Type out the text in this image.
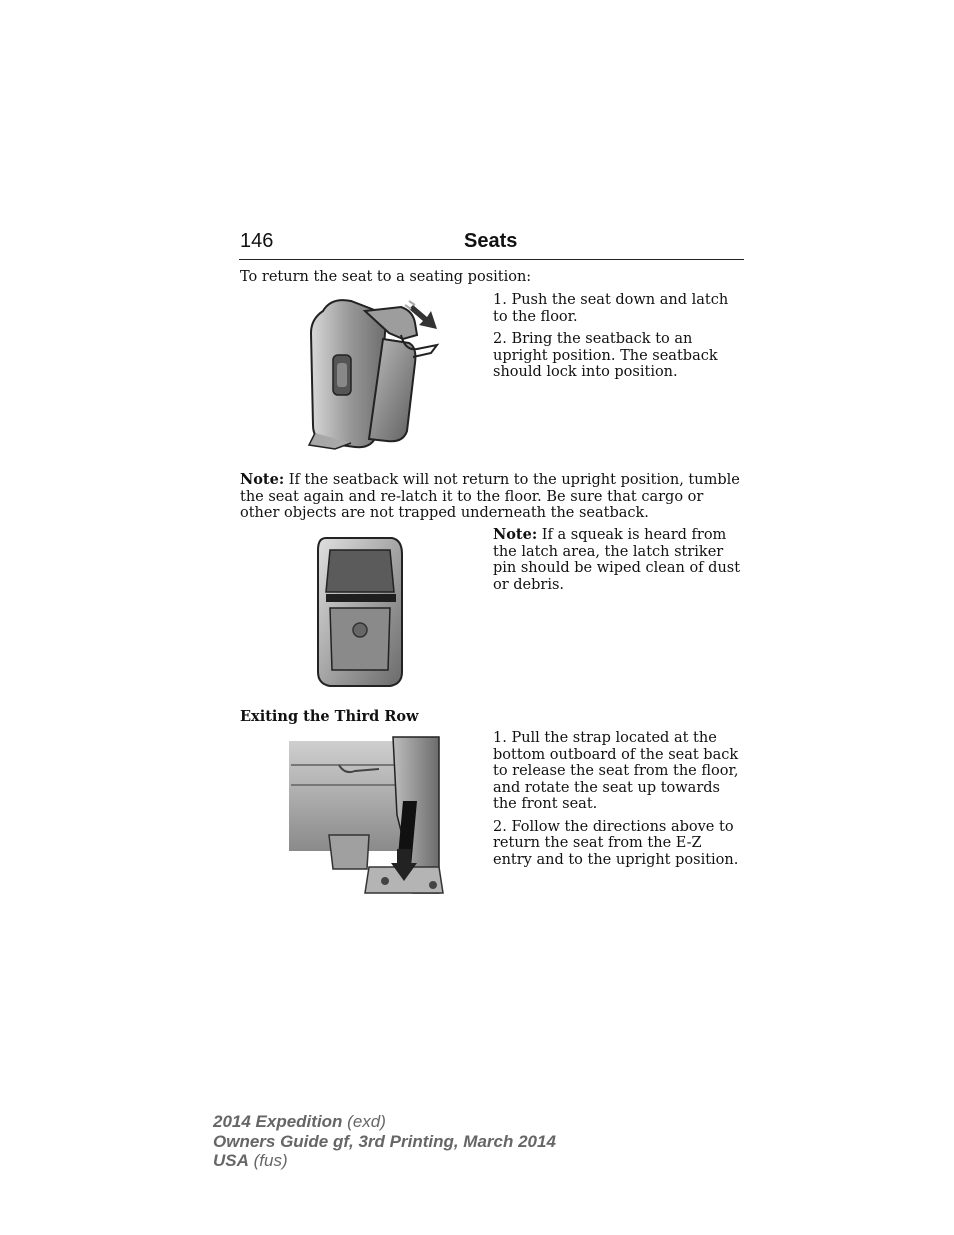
146	Seats
To return the seat to a seating position:

1. Push the seat down and latch to the floor.

2. Bring the seatback to an upright position. The seatback should lock into position.

Note: If the seatback will not return to the upright position, tumble the seat again and re-latch it to the floor. Be sure that cargo or other objects are not trapped underneath the seatback.
Note: If a squeak is heard from the latch area, the latch striker pin should be wiped clean of dust or debris.
Exiting the Third Row

1. Pull the strap located at the bottom outboard of the seat back to release the seat from the floor, and rotate the seat up towards the front seat.

2. Follow the directions above to return the seat from the E-Z entry and to the upright position.

2014 Expedition (exd)
Owners Guide gf, 3rd Printing, March 2014
USA (fus)
